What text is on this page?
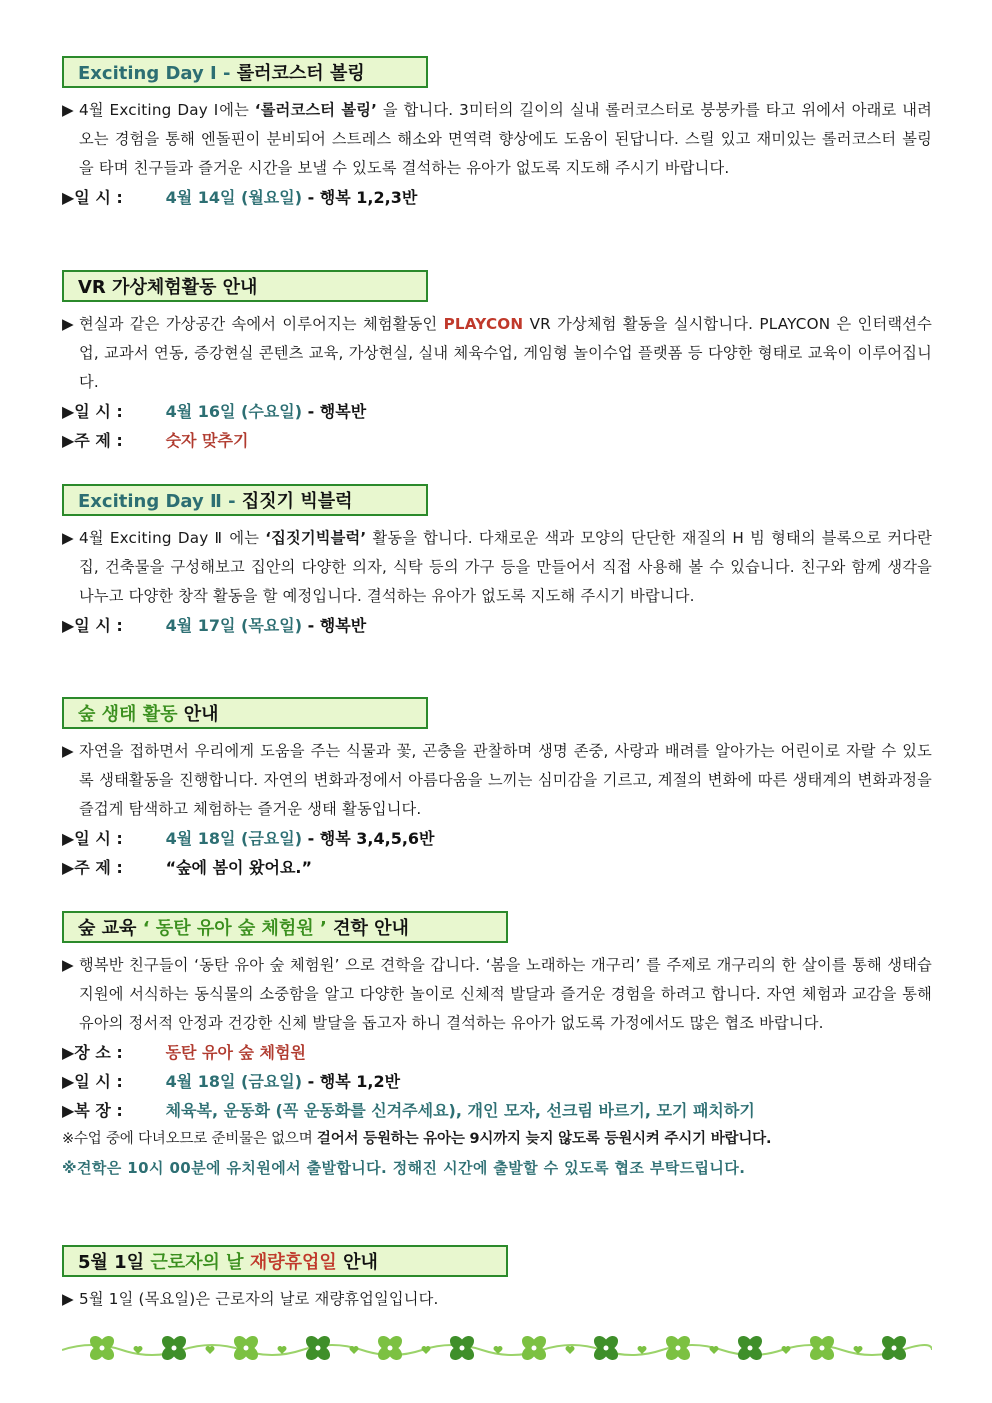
Exciting Day Ⅰ - 롤러코스터 볼링
▶ 4월 Exciting Day Ⅰ에는 ‘롤러코스터 볼링’ 을 합니다. 3미터의 길이의 실내 롤러코스터로 붕붕카를 타고 위에서 아래로 내려오는 경험을 통해 엔돌핀이 분비되어 스트레스 해소와 면역력 향상에도 도움이 된답니다. 스릴 있고 재미있는 롤러코스터 볼링을 타며 친구들과 즐거운 시간을 보낼 수 있도록 결석하는 유아가 없도록 지도해 주시기 바랍니다.
▶일 시 : 4월 14일 (월요일) - 행복 1,2,3반
VR 가상체험활동 안내
▶ 현실과 같은 가상공간 속에서 이루어지는 체험활동인 PLAYCON VR 가상체험 활동을 실시합니다. PLAYCON 은 인터랙션수업, 교과서 연동, 증강현실 콘텐츠 교육, 가상현실, 실내 체육수업, 게임형 놀이수업 플랫폼 등 다양한 형태로 교육이 이루어집니다.
▶일 시 : 4월 16일 (수요일) - 행복반
▶주 제 : 숫자 맞추기
Exciting Day Ⅱ - 집짓기 빅블럭
▶ 4월 Exciting Day Ⅱ 에는 ‘집짓기빅블럭’ 활동을 합니다. 다채로운 색과 모양의 단단한 재질의 H 빔 형태의 블록으로 커다란 집, 건축물을 구성해보고 집안의 다양한 의자, 식탁 등의 가구 등을 만들어서 직접 사용해 볼 수 있습니다. 친구와 함께 생각을 나누고 다양한 창작 활동을 할 예정입니다. 결석하는 유아가 없도록 지도해 주시기 바랍니다.
▶일 시 : 4월 17일 (목요일) - 행복반
숲 생태 활동 안내
▶ 자연을 접하면서 우리에게 도움을 주는 식물과 꽃, 곤충을 관찰하며 생명 존중, 사랑과 배려를 알아가는 어린이로 자랄 수 있도록 생태활동을 진행합니다. 자연의 변화과정에서 아름다움을 느끼는 심미감을 기르고, 계절의 변화에 따른 생태계의 변화과정을 즐겁게 탐색하고 체험하는 즐거운 생태 활동입니다.
▶일 시 : 4월 18일 (금요일) - 행복 3,4,5,6반
▶주 제 : “숲에 봄이 왔어요.”
숲 교육 ‘ 동탄 유아 숲 체험원 ’ 견학 안내
▶ 행복반 친구들이 ‘동탄 유아 숲 체험원’ 으로 견학을 갑니다. ‘봄을 노래하는 개구리’ 를 주제로 개구리의 한 살이를 통해 생태습지원에 서식하는 동식물의 소중함을 알고 다양한 놀이로 신체적 발달과 즐거운 경험을 하려고 합니다. 자연 체험과 교감을 통해 유아의 정서적 안정과 건강한 신체 발달을 돕고자 하니 결석하는 유아가 없도록 가정에서도 많은 협조 바랍니다.
▶장 소 : 동탄 유아 숲 체험원
▶일 시 : 4월 18일 (금요일) - 행복 1,2반
▶복 장 : 체육복, 운동화 (꼭 운동화를 신겨주세요), 개인 모자, 선크림 바르기, 모기 패치하기
※수업 중에 다녀오므로 준비물은 없으며 걸어서 등원하는 유아는 9시까지 늦지 않도록 등원시켜 주시기 바랍니다.
※견학은 10시 00분에 유치원에서 출발합니다. 정해진 시간에 출발할 수 있도록 협조 부탁드립니다.
5월 1일 근로자의 날 재량휴업일 안내
▶ 5월 1일 (목요일)은 근로자의 날로 재량휴업일입니다.
